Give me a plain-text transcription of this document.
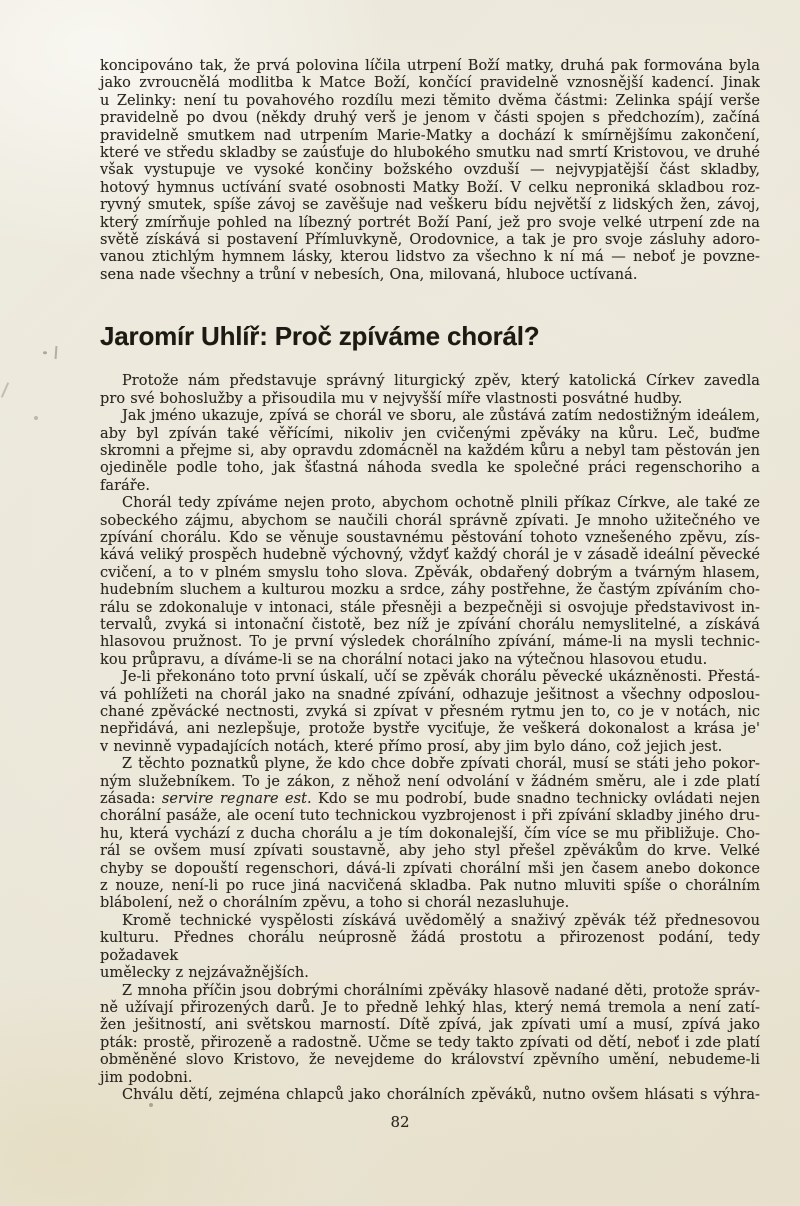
koncipováno tak, že prvá polovina líčila utrpení Boží matky, druhá pak formována byla
jako zvroucnělá modlitba k Matce Boží, končící pravidelně vznosnější kadencí. Jinak
u Zelinky: není tu povahového rozdílu mezi těmito dvěma částmi: Zelinka spájí verše
pravidelně po dvou (někdy druhý verš je jenom v části spojen s předchozím), začíná
pravidelně smutkem nad utrpením Marie-Matky a dochází k smírnějšímu zakončení,
které ve středu skladby se zaúsťuje do hlubokého smutku nad smrtí Kristovou, ve druhé
však vystupuje ve vysoké končiny božského ovzduší — nejvypjatější část skladby,
hotový hymnus uctívání svaté osobnosti Matky Boží. V celku neproniká skladbou roz-
ryvný smutek, spíše závoj se zavěšuje nad veškeru bídu největší z lidských žen, závoj,
který zmírňuje pohled na líbezný portrét Boží Paní, jež pro svoje velké utrpení zde na
světě získává si postavení Přímluvkyně, Orodovnice, a tak je pro svoje zásluhy adoro-
vanou ztichlým hymnem lásky, kterou lidstvo za všechno k ní má — neboť je povzne-
sena nade všechny a trůní v nebesích, Ona, milovaná, hluboce uctívaná.
Jaromír Uhlíř: Proč zpíváme chorál?
Protože nám představuje správný liturgický zpěv, který katolická Církev zavedla
pro své bohoslužby a přisoudila mu v nejvyšší míře vlastnosti posvátné hudby.
Jak jméno ukazuje, zpívá se chorál ve sboru, ale zůstává zatím nedostižným ideálem,
aby byl zpíván také věřícími, nikoliv jen cvičenými zpěváky na kůru. Leč, buďme
skromni a přejme si, aby opravdu zdomácněl na každém kůru a nebyl tam pěstován jen
ojediněle podle toho, jak šťastná náhoda svedla ke společné práci regenschoriho a faráře.
Chorál tedy zpíváme nejen proto, abychom ochotně plnili příkaz Církve, ale také ze
sobeckého zájmu, abychom se naučili chorál správně zpívati. Je mnoho užitečného ve
zpívání chorálu. Kdo se věnuje soustavnému pěstování tohoto vznešeného zpěvu, zís-
kává veliký prospěch hudebně výchovný, vždyť každý chorál je v zásadě ideální pěvecké
cvičení, a to v plném smyslu toho slova. Zpěvák, obdařený dobrým a tvárným hlasem,
hudebním sluchem a kulturou mozku a srdce, záhy postřehne, že častým zpíváním cho-
rálu se zdokonaluje v intonaci, stále přesněji a bezpečněji si osvojuje představivost in-
tervalů, zvyká si intonační čistotě, bez níž je zpívání chorálu nemyslitelné, a získává
hlasovou pružnost. To je první výsledek chorálního zpívání, máme-li na mysli technic-
kou průpravu, a díváme-li se na chorální notaci jako na výtečnou hlasovou etudu.
Je-li překonáno toto první úskalí, učí se zpěvák chorálu pěvecké ukázněnosti. Přestá-
vá pohlížeti na chorál jako na snadné zpívání, odhazuje ješitnost a všechny odposlou-
chané zpěvácké nectnosti, zvyká si zpívat v přesném rytmu jen to, co je v notách, nic
nepřidává, ani nezlepšuje, protože bystře vyciťuje, že veškerá dokonalost a krása je'
v nevinně vypadajících notách, které přímo prosí, aby jim bylo dáno, což jejich jest.
Z těchto poznatků plyne, že kdo chce dobře zpívati chorál, musí se státi jeho pokor-
ným služebníkem. To je zákon, z něhož není odvolání v žádném směru, ale i zde platí
zásada: servire regnare est. Kdo se mu podrobí, bude snadno technicky ovládati nejen
chorální pasáže, ale ocení tuto technickou vyzbrojenost i při zpívání skladby jiného dru-
hu, která vychází z ducha chorálu a je tím dokonalejší, čím více se mu přibližuje. Cho-
rál se ovšem musí zpívati soustavně, aby jeho styl přešel zpěvákům do krve. Velké
chyby se dopouští regenschori, dává-li zpívati chorální mši jen časem anebo dokonce
z nouze, není-li po ruce jiná nacvičená skladba. Pak nutno mluviti spíše o chorálním
blábolení, než o chorálním zpěvu, a toho si chorál nezasluhuje.
Kromě technické vyspělosti získává uvědomělý a snaživý zpěvák též přednesovou
kulturu. Přednes chorálu neúprosně žádá prostotu a přirozenost podání, tedy požadavek
umělecky z nejzávažnějších.
Z mnoha příčin jsou dobrými chorálními zpěváky hlasově nadané děti, protože správ-
ně užívají přirozených darů. Je to předně lehký hlas, který nemá tremola a není zatí-
žen ješitností, ani světskou marností. Dítě zpívá, jak zpívati umí a musí, zpívá jako
pták: prostě, přirozeně a radostně. Učme se tedy takto zpívati od dětí, neboť i zde platí
obměněné slovo Kristovo, že nevejdeme do království zpěvního umění, nebudeme-li
jim podobni.
Chválu dětí, zejména chlapců jako chorálních zpěváků, nutno ovšem hlásati s výhra-
82
